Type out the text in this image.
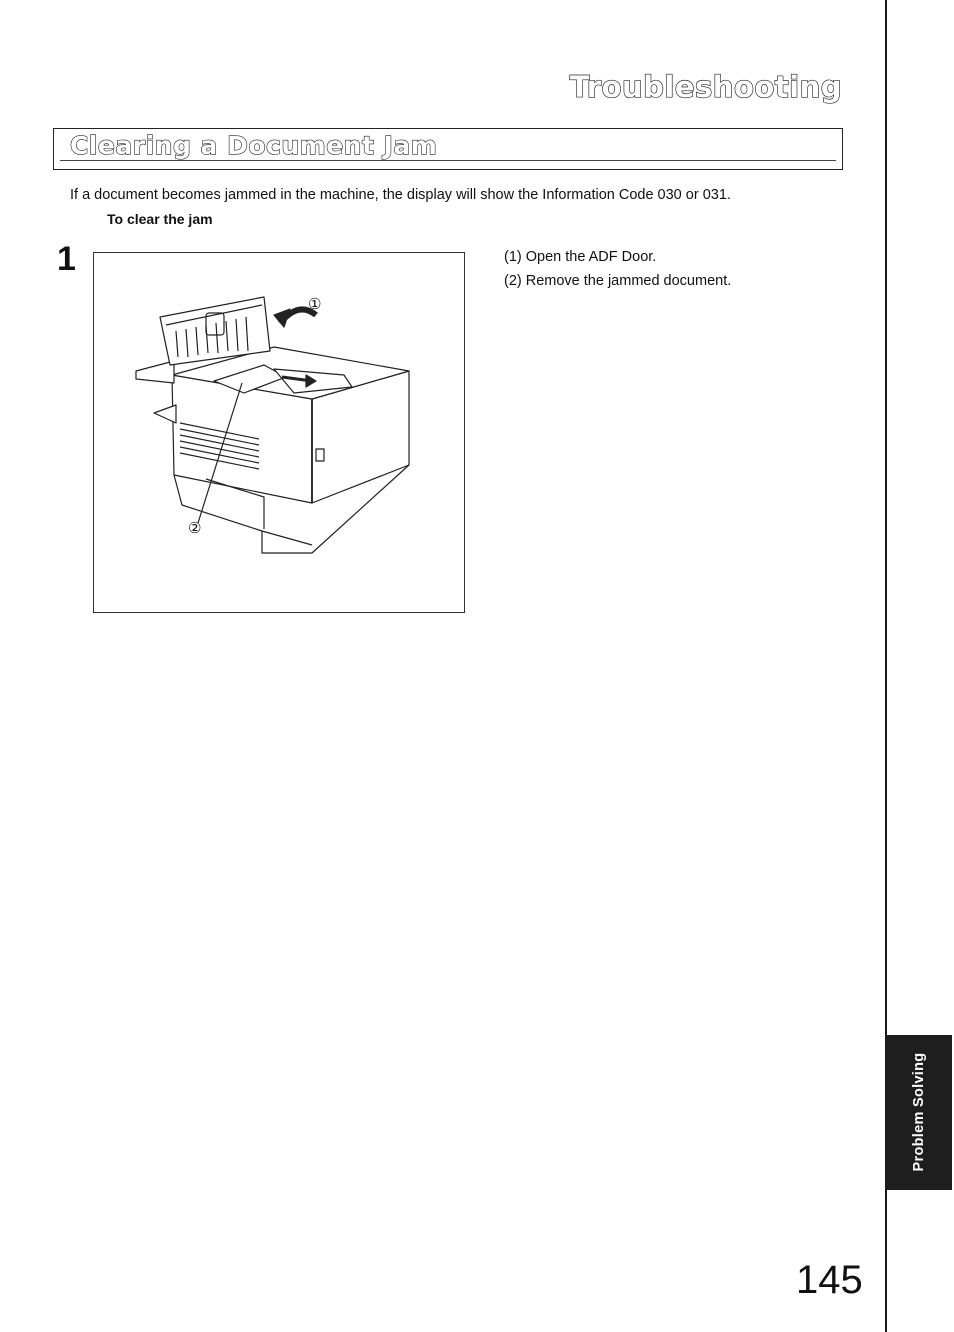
Troubleshooting
Clearing a Document Jam
If a document becomes jammed in the machine, the display will show the Information Code 030 or 031.
To clear the jam
1
①
②
(1) Open the ADF Door.
(2) Remove the jammed document.
Problem Solving
145
